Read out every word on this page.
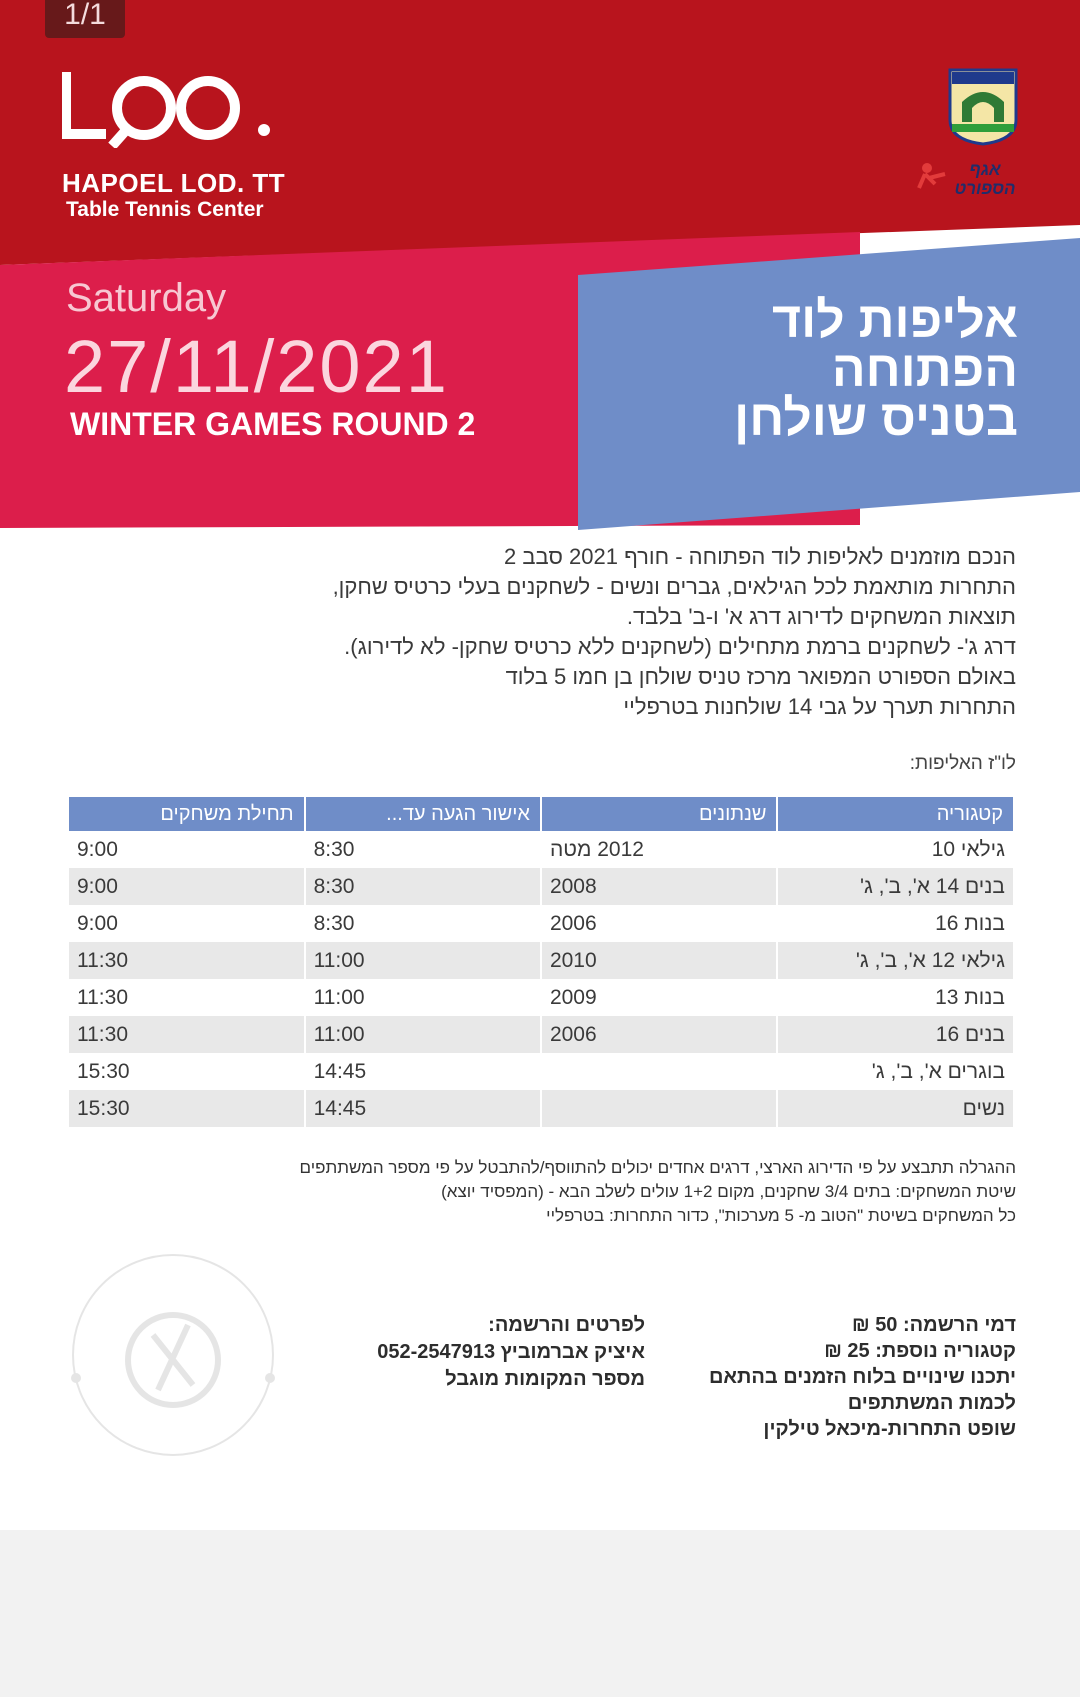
1/1
HAPOEL LOD. TT
Table Tennis Center
אגף
הספורט
Saturday
27/11/2021
WINTER GAMES ROUND 2
אליפות לוד
הפתוחה
בטניס שולחן
הנכם מוזמנים לאליפות לוד הפתוחה - חורף 2021 סבב 2
התחרות מותאמת לכל הגילאים, גברים ונשים - לשחקנים בעלי כרטיס שחקן,
תוצאות המשחקים לדירוג דרג א' ו-ב' בלבד.
דרג ג'- לשחקנים ברמת מתחילים (לשחקנים ללא כרטיס שחקן- לא לדירוג).
באולם הספורט המפואר מרכז טניס שולחן בן חמו 5 בלוד
התחרות תערך על גבי 14 שולחנות בטרפליי
לו"ז האליפות:
קטגוריה	שנתונים	אישור הגעה עד...	תחילת משחקים
גילאי 10	2012 מטה	8:30	9:00
בנים 14 א', ב', ג'	2008	8:30	9:00
בנות 16	2006	8:30	9:00
גילאי 12 א', ב', ג'	2010	11:00	11:30
בנות 13	2009	11:00	11:30
בנים 16	2006	11:00	11:30
בוגרים א', ב', ג'		14:45	15:30
נשים		14:45	15:30
ההגרלה תתבצע על פי הדירוג הארצי, דרגים אחדים יכולים להתווסף/להתבטל על פי מספר המשתתפים
שיטת המשחקים: בתים 3/4 שחקנים, מקום 1+2 עולים לשלב הבא - (המפסיד יוצא)
כל המשחקים בשיטת "הטוב מ- 5 מערכות", כדור התחרות: בטרפליי
דמי הרשמה: 50 ₪
קטגוריה נוספת: 25 ₪
יתכנו שינויים בלוח הזמנים בהתאם
לכמות המשתתפים
שופט התחרות-מיכאל טילקין
לפרטים והרשמה:
איציק אברמוביץ 052-2547913
מספר המקומות מוגבל
